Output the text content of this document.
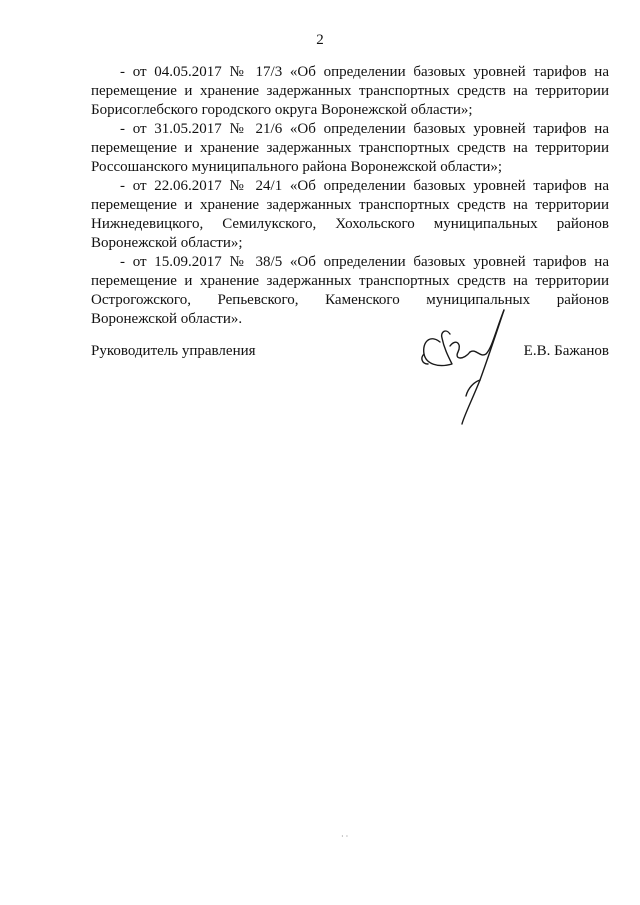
2
- от 04.05.2017 № 17/3 «Об определении базовых уровней тарифов на
перемещение и хранение задержанных транспортных средств на территории
Борисоглебского городского округа Воронежской области»;
- от 31.05.2017 № 21/6 «Об определении базовых уровней тарифов на
перемещение и хранение задержанных транспортных средств на территории
Россошанского муниципального района Воронежской области»;
- от 22.06.2017 № 24/1 «Об определении базовых уровней тарифов на
перемещение и хранение задержанных транспортных средств на территории
Нижнедевицкого, Семилукского, Хохольского муниципальных районов
Воронежской области»;
- от 15.09.2017 № 38/5 «Об определении базовых уровней тарифов на
перемещение и хранение задержанных транспортных средств на территории
Острогожского, Репьевского, Каменского муниципальных районов
Воронежской области».
Руководитель управления	Е.В. Бажанов
· ·
